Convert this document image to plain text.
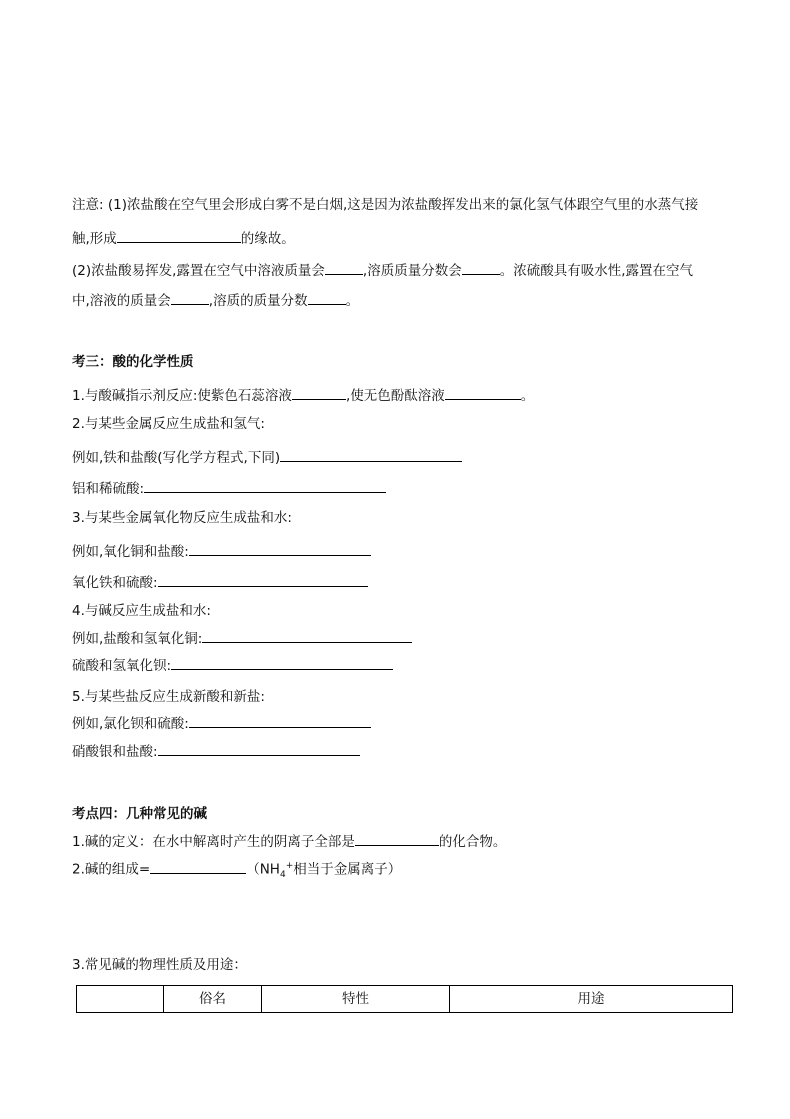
注意: (1)浓盐酸在空气里会形成白雾不是白烟,这是因为浓盐酸挥发出来的氯化氢气体跟空气里的水蒸气接
触,形成	的缘故。
(2)浓盐酸易挥发,露置在空气中溶液质量会	,溶质质量分数会	。浓硫酸具有吸水性,露置在空气
中,溶液的质量会	,溶质的质量分数	。
考三：酸的化学性质
1.与酸碱指示剂反应:使紫色石蕊溶液	,使无色酚酞溶液	。
2.与某些金属反应生成盐和氢气:
例如,铁和盐酸(写化学方程式,下同)
铝和稀硫酸:
3.与某些金属氧化物反应生成盐和水:
例如,氧化铜和盐酸:
氧化铁和硫酸:
4.与碱反应生成盐和水:
例如,盐酸和氢氧化铜:
硫酸和氢氧化钡:
5.与某些盐反应生成新酸和新盐:
例如,氯化钡和硫酸:
硝酸银和盐酸:
考点四：几种常见的碱
1.碱的定义：在水中解离时产生的阴离子全部是	的化合物。
2.碱的组成=	（$NH_4^+$相当于金属离子）
3.常见碱的物理性质及用途：
	俗名	特性	用途
